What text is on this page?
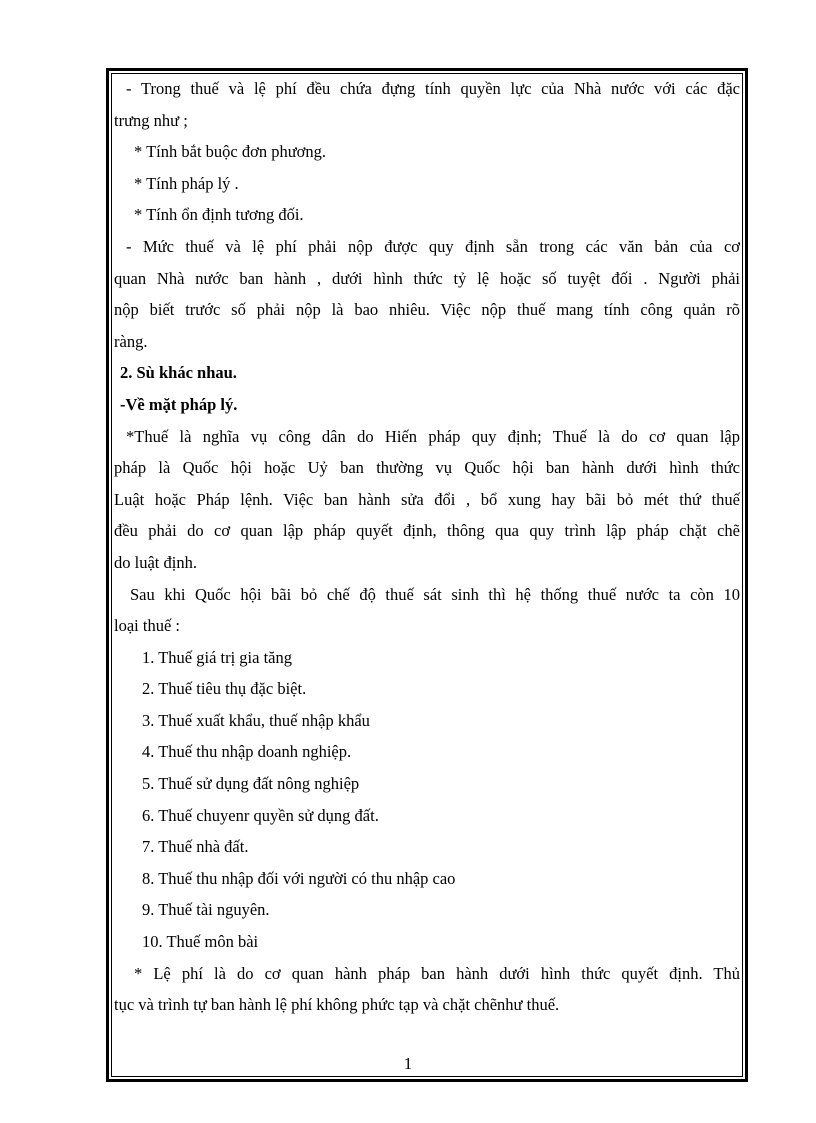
- Trong thuế và lệ phí đều chứa đựng tính quyền lực của Nhà nước với các đặc
trưng như ;
* Tính bắt buộc đơn phương.
* Tính pháp lý .
* Tính ổn định tương đối.
- Mức thuế và lệ phí phải nộp được quy định sẵn trong các văn bản của cơ
quan Nhà nước ban hành , dưới hình thức tỷ lệ hoặc số tuyệt đối . Người phải
nộp biết trước số phải nộp là bao nhiêu. Việc nộp thuế mang tính công quản rõ
ràng.
2. Sù khác nhau.
-Về mặt pháp lý.
*Thuế là nghĩa vụ công dân do Hiến pháp quy định; Thuế là do cơ quan lập
pháp là Quốc hội hoặc Uỷ ban thường vụ Quốc hội ban hành dưới hình thức
Luật hoặc Pháp lệnh. Việc ban hành sửa đổi , bổ xung hay bãi bỏ mét thứ thuế
đều phải do cơ quan lập pháp quyết định, thông qua quy trình lập pháp chặt chẽ
do luật định.
Sau khi Quốc hội bãi bỏ chế độ thuế sát sinh thì hệ thống thuế nước ta còn 10
loại thuế :
1. Thuế giá trị gia tăng
2. Thuế tiêu thụ đặc biệt.
3. Thuế xuất khẩu, thuế nhập khẩu
4. Thuế thu nhập doanh nghiệp.
5. Thuế sử dụng đất nông nghiệp
6. Thuế chuyenr quyền sử dụng đất.
7. Thuế nhà đất.
8. Thuế thu nhập đối với người có thu nhập cao
9. Thuế tài nguyên.
10. Thuế môn bài
* Lệ phí là do cơ quan hành pháp ban hành dưới hình thức quyết định. Thủ
tục và trình tự ban hành lệ phí không phức tạp và chặt chẽnhư thuế.
1
